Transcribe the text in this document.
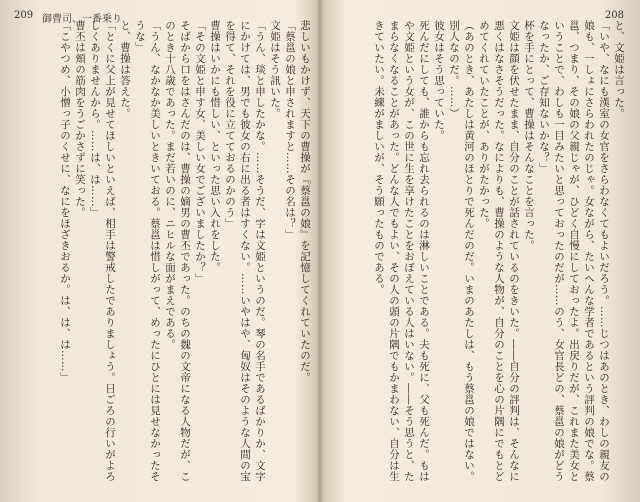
209 御曹司、一番乗り

悲しいもかけず、天下の曹操が『蔡邕の娘』を記憶してくれていたのだ。

「蔡邕の娘と申されますと……その名は？」

文姫はそう訊いた。

「うん、琰と申したかな。……そうだ、字は文姫というのだ。琴の名手であるばかりか、文字にかけては、男でも彼女の右に出る者はすくない。……いやはや、匈奴はそのような人間の宝を得て、それを役に立てておるのかのう」

曹操はいかにも惜しい、といった思い入れをした。

「その文姫と申す女、美しい女でございましたか？」

そばから口をはさんだのは、曹操の嫡男の曹丕であった。のちの魏の文帝になる人物だが、このとき十八歳であった。まだ若いのに、ニヒルな面がまえである。

「うん、なかなか美しいときいておる。蔡邕は惜しがって、めったにひとには見せなかったそうな」

と、曹操は答えた。

「とくに父上が見せてほしいといえば、相手は警戒したでありましょう。日ごろの行いがよろしくありませんから。……は、は……」

曹丕は頬の筋肉をうごかさずに笑った。

「こやつめ、小憎っ子のくせに、なにをほざきおるか。は、は、は……」

208

と、文姫は言った。

「いや、なにも漢室の女官をさらわなくてもよいだろう。……じつはあのとき、わしの親友の娘も、一しょにさらわれたのじゃ。女ながら、たいへんな学者であるという評判の娘でな。蔡邕、つまり、その娘の父親じゃが、ひどく自慢にしておったよ。出戻りだが、これまた美女ということで、わしも一目みたいと思っておったのだが……のう、女官長どの、蔡邕の娘がどうなったか、ご存知ないかな？」

杯を手にとって、曹操はそんなことを言った。

文姫は顔を伏せたまま、自分のことが話されているのをきいた。――自分の評判は、そんなに悪くはなさそうだった。なによりも、曹操のような人物が、自分のことを心の片隅にでもとどめてくれていたことが、ありがたかった。

（あのとき、あたしは黄河のほとりで死んだのだ。いまのあたしは、もう蔡邕の娘ではない。別人なのだ。……）

彼女はそう思っていた。

死んだにしても、誰からも忘れ去られるのは淋しいことである。夫も死に、父も死んだ。もはや文姫という女が、この世に生を享けたことをおぼえている人はいない。――そう思うと、たまらなくなることがあった。どんな人でもよい、その人の頭の片隅でもかまわない、自分は生きていたい。未練がましいが、そう願ったものである。
